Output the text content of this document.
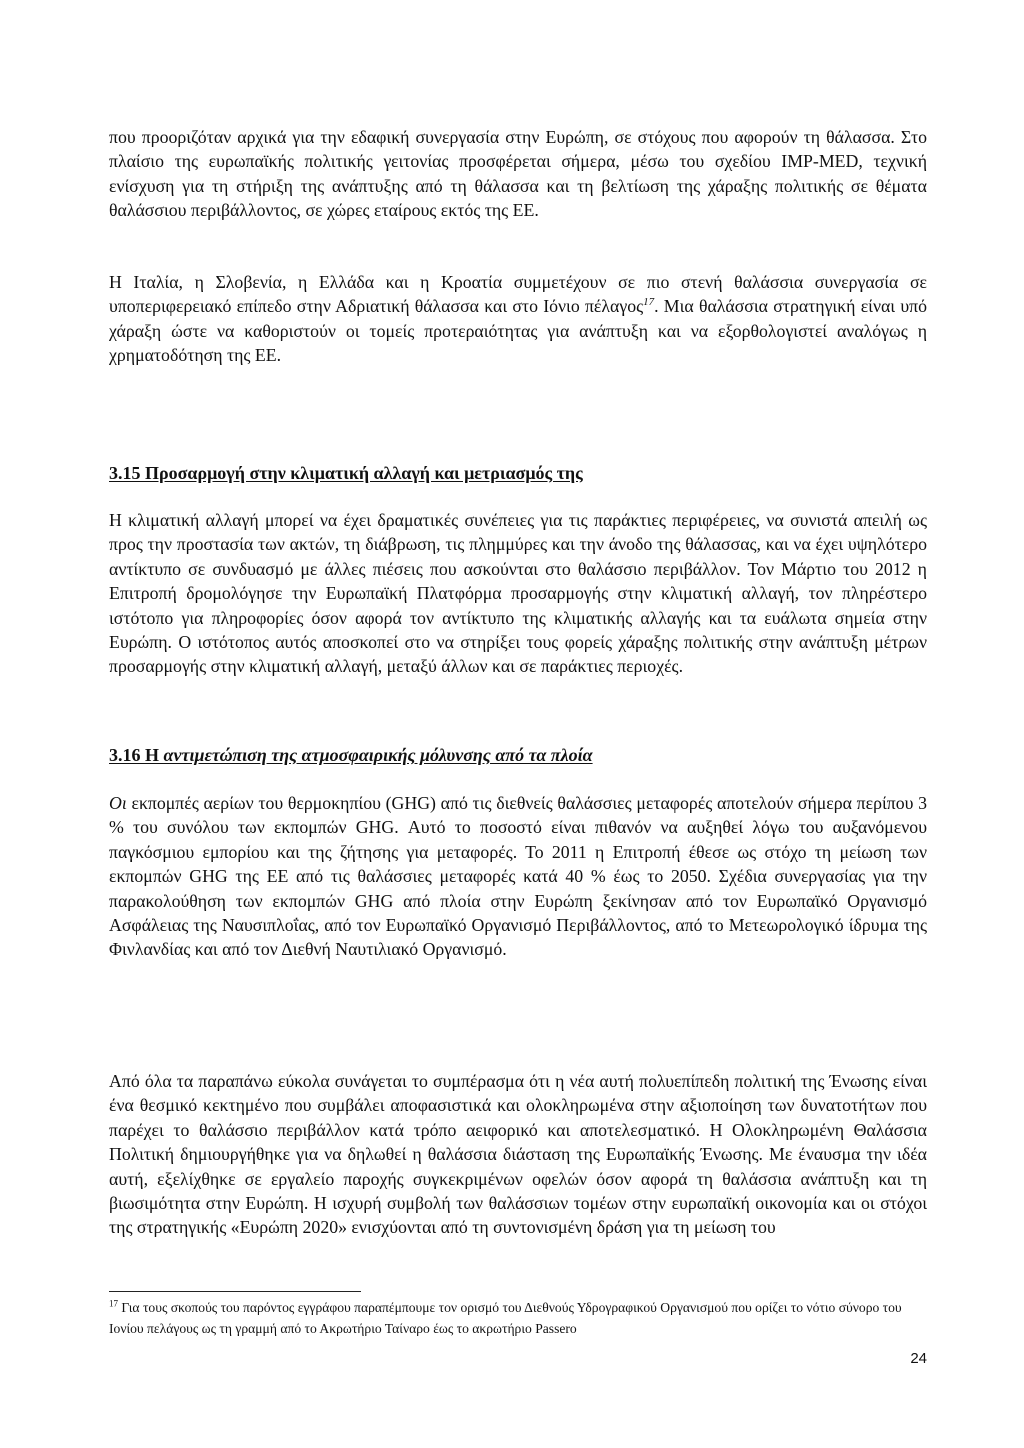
που προοριζόταν αρχικά για την εδαφική συνεργασία στην Ευρώπη, σε στόχους που αφορούν τη θάλασσα. Στο πλαίσιο της ευρωπαϊκής πολιτικής γειτονίας προσφέρεται σήμερα, μέσω του σχεδίου IMP-MED, τεχνική ενίσχυση για τη στήριξη της ανάπτυξης από τη θάλασσα και τη βελτίωση της χάραξης πολιτικής σε θέματα θαλάσσιου περιβάλλοντος, σε χώρες εταίρους εκτός της ΕΕ.

Η Ιταλία, η Σλοβενία, η Ελλάδα και η Κροατία συμμετέχουν σε πιο στενή θαλάσσια συνεργασία σε υποπεριφερειακό επίπεδο στην Αδριατική θάλασσα και στο Ιόνιο πέλαγος$^{17}$. Μια θαλάσσια στρατηγική είναι υπό χάραξη ώστε να καθοριστούν οι τομείς προτεραιότητας για ανάπτυξη και να εξορθολογιστεί αναλόγως η χρηματοδότηση της ΕΕ.

3.15 Προσαρμογή στην κλιματική αλλαγή και μετριασμός της

Η κλιματική αλλαγή μπορεί να έχει δραματικές συνέπειες για τις παράκτιες περιφέρειες, να συνιστά απειλή ως προς την προστασία των ακτών, τη διάβρωση, τις πλημμύρες και την άνοδο της θάλασσας, και να έχει υψηλότερο αντίκτυπο σε συνδυασμό με άλλες πιέσεις που ασκούνται στο θαλάσσιο περιβάλλον. Τον Μάρτιο του 2012 η Επιτροπή δρομολόγησε την Ευρωπαϊκή Πλατφόρμα προσαρμογής στην κλιματική αλλαγή, τον πληρέστερο ιστότοπο για πληροφορίες όσον αφορά τον αντίκτυπο της κλιματικής αλλαγής και τα ευάλωτα σημεία στην Ευρώπη. Ο ιστότοπος αυτός αποσκοπεί στο να στηρίξει τους φορείς χάραξης πολιτικής στην ανάπτυξη μέτρων προσαρμογής στην κλιματική αλλαγή, μεταξύ άλλων και σε παράκτιες περιοχές.

3.16 Η αντιμετώπιση της ατμοσφαιρικής μόλυνσης από τα πλοία

Οι εκπομπές αερίων του θερμοκηπίου (GHG) από τις διεθνείς θαλάσσιες μεταφορές αποτελούν σήμερα περίπου 3 % του συνόλου των εκπομπών GHG. Αυτό το ποσοστό είναι πιθανόν να αυξηθεί λόγω του αυξανόμενου παγκόσμιου εμπορίου και της ζήτησης για μεταφορές. Το 2011 η Επιτροπή έθεσε ως στόχο τη μείωση των εκπομπών GHG της ΕΕ από τις θαλάσσιες μεταφορές κατά 40 % έως το 2050. Σχέδια συνεργασίας για την παρακολούθηση των εκπομπών GHG από πλοία στην Ευρώπη ξεκίνησαν από τον Ευρωπαϊκό Οργανισμό Ασφάλειας της Ναυσιπλοΐας, από τον Ευρωπαϊκό Οργανισμό Περιβάλλοντος, από το Μετεωρολογικό ίδρυμα της Φινλανδίας και από τον Διεθνή Ναυτιλιακό Οργανισμό.

Από όλα τα παραπάνω εύκολα συνάγεται το συμπέρασμα ότι η νέα αυτή πολυεπίπεδη πολιτική της Ένωσης είναι ένα θεσμικό κεκτημένο που συμβάλει αποφασιστικά και ολοκληρωμένα στην αξιοποίηση των δυνατοτήτων που παρέχει το θαλάσσιο περιβάλλον κατά τρόπο αειφορικό και αποτελεσματικό. Η Ολοκληρωμένη Θαλάσσια Πολιτική δημιουργήθηκε για να δηλωθεί η θαλάσσια διάσταση της Ευρωπαϊκής Ένωσης. Με έναυσμα την ιδέα αυτή, εξελίχθηκε σε εργαλείο παροχής συγκεκριμένων οφελών όσον αφορά τη θαλάσσια ανάπτυξη και τη βιωσιμότητα στην Ευρώπη. Η ισχυρή συμβολή των θαλάσσιων τομέων στην ευρωπαϊκή οικονομία και οι στόχοι της στρατηγικής «Ευρώπη 2020» ενισχύονται από τη συντονισμένη δράση για τη μείωση του

$^{17}$ Για τους σκοπούς του παρόντος εγγράφου παραπέμπουμε τον ορισμό του Διεθνούς Υδρογραφικού Οργανισμού που ορίζει το νότιο σύνορο του Ιονίου πελάγους ως τη γραμμή από το Ακρωτήριο Ταίναρο έως το ακρωτήριο Passero

24
